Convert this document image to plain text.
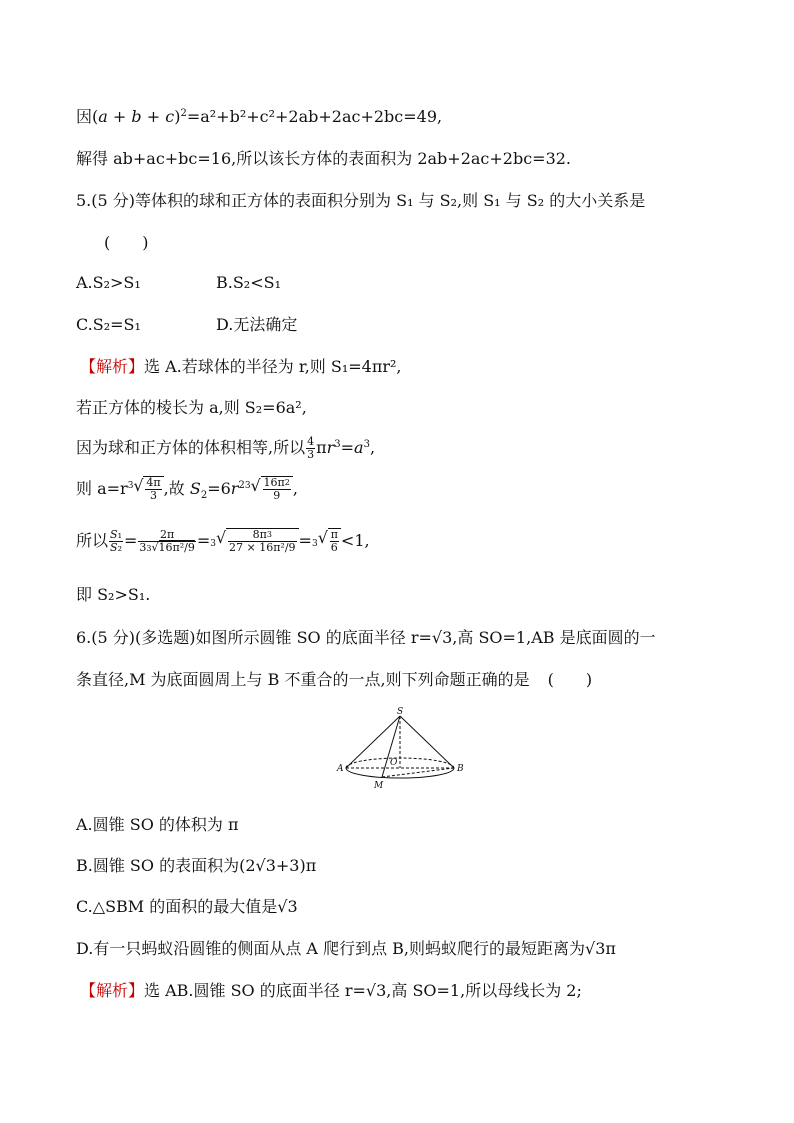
因$(a + b + c)^2=a^2+b^2+c^2+2ab+2ac+2bc=49$,
解得 ab+ac+bc=16,所以该长方体的表面积为 2ab+2ac+2bc=32.
5.(5 分)等体积的球和正方体的表面积分别为 S₁ 与 S₂,则 S₁ 与 S₂ 的大小关系是
(　　)
A.S₂>S₁	B.S₂<S₁
C.S₂=S₁	D.无法确定
【解析】选 A.若球体的半径为 r,则 S₁=4πr²,
若正方体的棱长为 a,则 S₂=6a²,
因为球和正方体的体积相等,所以 $\frac{4}{3} \pi r^3=a^3$,
则 $a=r^3$ √ $\frac{4\pi}{3}$ ,故 $S_2=6r^{23}$ √ $\frac{16\pi^2}{9}$ ,
所以 $\frac{\text{S₁}}{\text{S₂}} = \frac{2\pi}{\text{33√16π²/9}} =3$ √ $\frac{8\pi^3}{\text{27 × 16π²/9}} =3$ √ $\frac{\pi}{6} <1$,
即 S₂>S₁.
6.(5 分)(多选题)如图所示圆锥 SO 的底面半径 r=√3,高 SO=1,AB 是底面圆的一
条直径,M 为底面圆周上与 B 不重合的一点,则下列命题正确的是 (　　)
S
O
A	B
M
A.圆锥 SO 的体积为 π
B.圆锥 SO 的表面积为(2√3+3)π
C.△SBM 的面积的最大值是√3
D.有一只蚂蚁沿圆锥的侧面从点 A 爬行到点 B,则蚂蚁爬行的最短距离为√3π
【解析】选 AB.圆锥 SO 的底面半径 r=√3,高 SO=1,所以母线长为 2;
